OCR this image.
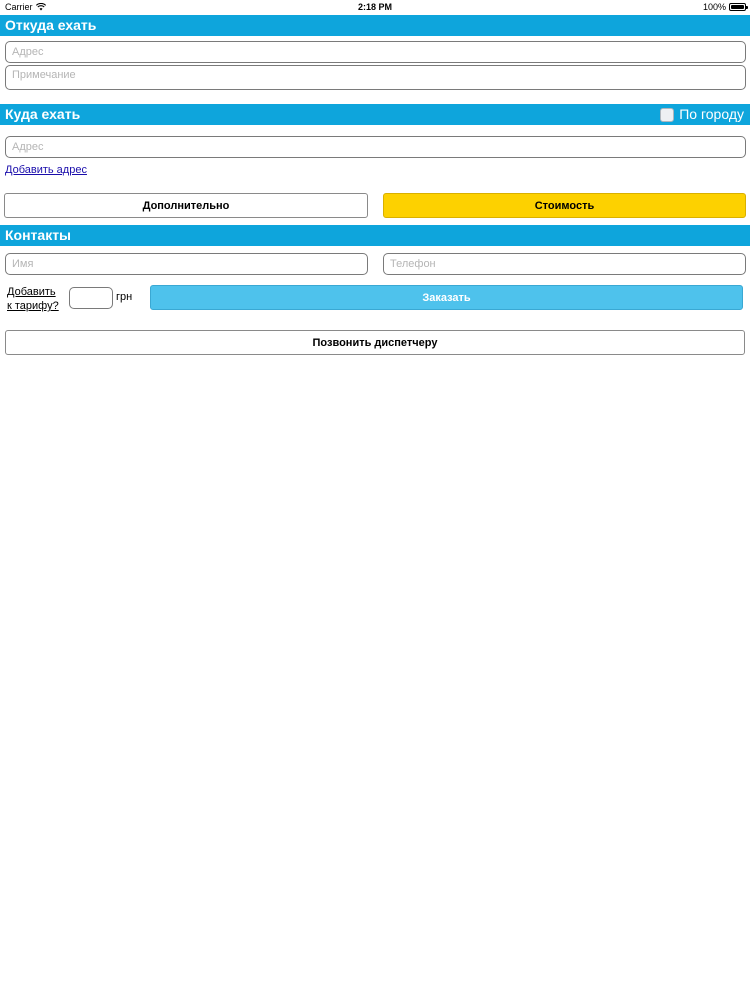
Carrier	2:18 PM	100%
Откуда ехать
Адрес
Примечание
Куда ехать	По городу
Адрес
Добавить адрес
Дополнительно	Стоимость
Контакты
Имя
Телефон
Добавить
к тарифу?
грн	Заказать
Позвонить диспетчеру
